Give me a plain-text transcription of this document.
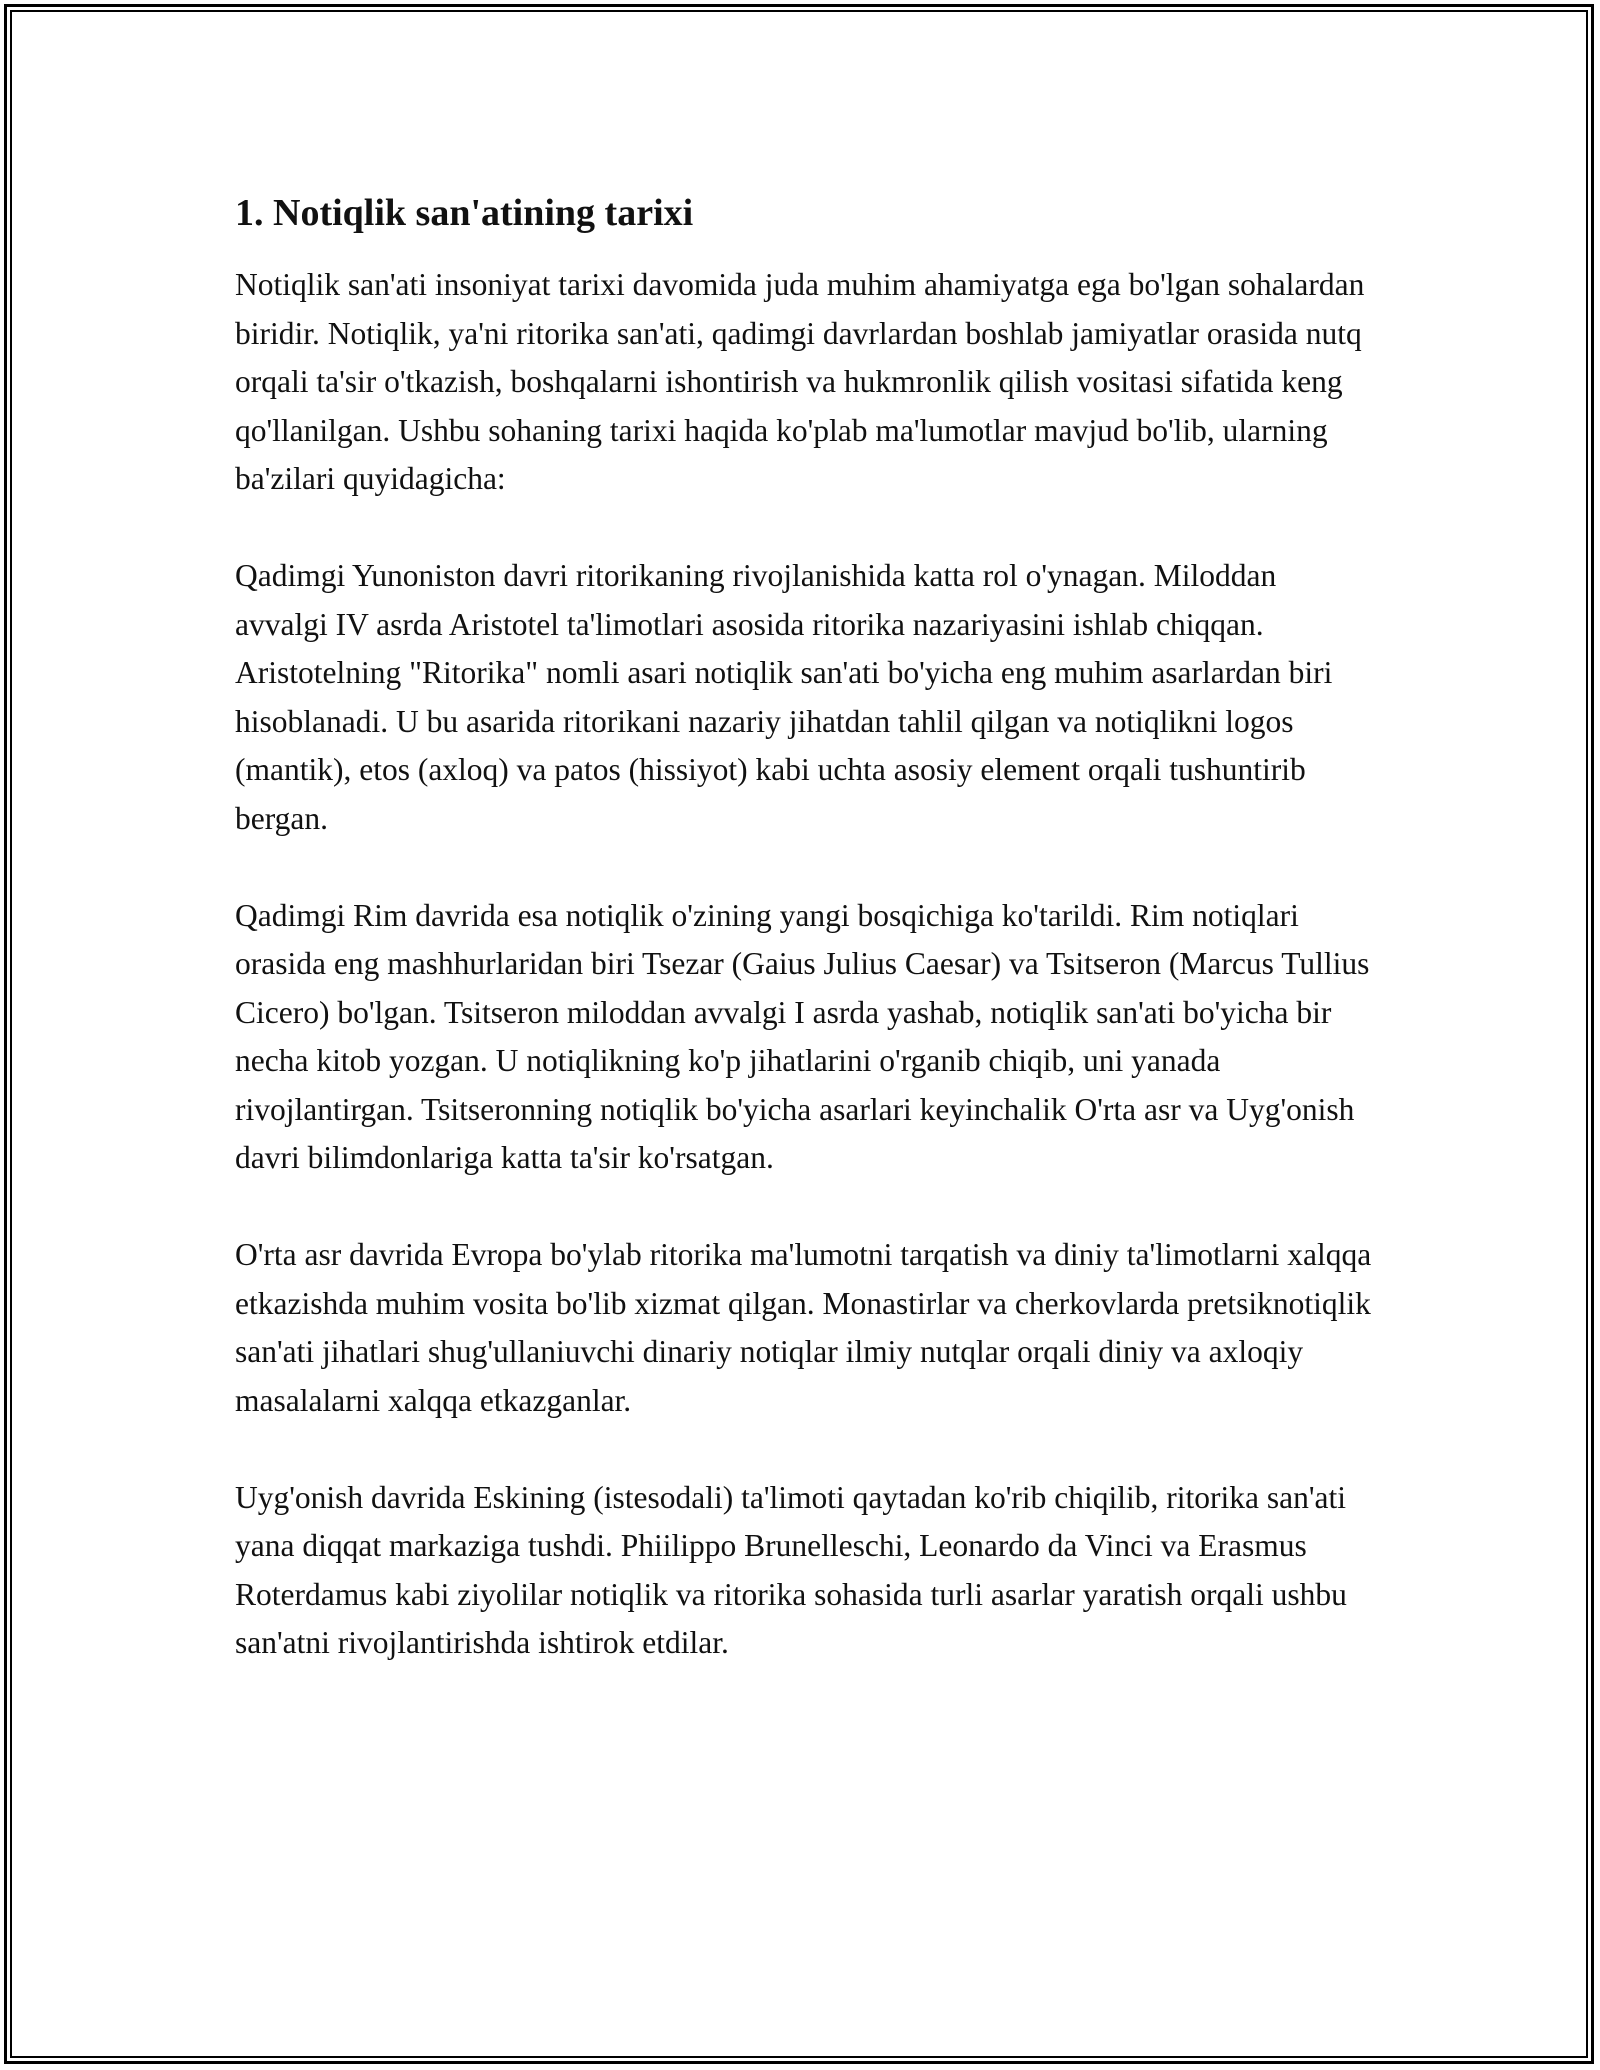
1. Notiqlik san'atining tarixi

Notiqlik san'ati insoniyat tarixi davomida juda muhim ahamiyatga ega bo'lgan sohalardan biridir. Notiqlik, ya'ni ritorika san'ati, qadimgi davrlardan boshlab jamiyatlar orasida nutq orqali ta'sir o'tkazish, boshqalarni ishontirish va hukmronlik qilish vositasi sifatida keng qo'llanilgan. Ushbu sohaning tarixi haqida ko'plab ma'lumotlar mavjud bo'lib, ularning ba'zilari quyidagicha:

Qadimgi Yunoniston davri ritorikaning rivojlanishida katta rol o'ynagan. Miloddan avvalgi IV asrda Aristotel ta'limotlari asosida ritorika nazariyasini ishlab chiqqan. Aristotelning "Ritorika" nomli asari notiqlik san'ati bo'yicha eng muhim asarlardan biri hisoblanadi. U bu asarida ritorikani nazariy jihatdan tahlil qilgan va notiqlikni logos (mantik), etos (axloq) va patos (hissiyot) kabi uchta asosiy element orqali tushuntirib bergan.

Qadimgi Rim davrida esa notiqlik o'zining yangi bosqichiga ko'tarildi. Rim notiqlari orasida eng mashhurlaridan biri Tsezar (Gaius Julius Caesar) va Tsitseron (Marcus Tullius Cicero) bo'lgan. Tsitseron miloddan avvalgi I asrda yashab, notiqlik san'ati bo'yicha bir necha kitob yozgan. U notiqlikning ko'p jihatlarini o'rganib chiqib, uni yanada rivojlantirgan. Tsitseronning notiqlik bo'yicha asarlari keyinchalik O'rta asr va Uyg'onish davri bilimdonlariga katta ta'sir ko'rsatgan.

O'rta asr davrida Evropa bo'ylab ritorika ma'lumotni tarqatish va diniy ta'limotlarni xalqqa etkazishda muhim vosita bo'lib xizmat qilgan. Monastirlar va cherkovlarda pretsiknotiqlik san'ati jihatlari shug'ullaniuvchi dinariy notiqlar ilmiy nutqlar orqali diniy va axloqiy masalalarni xalqqa etkazganlar.

Uyg'onish davrida Eskining (istesodali) ta'limoti qaytadan ko'rib chiqilib, ritorika san'ati yana diqqat markaziga tushdi. Phiilippo Brunelleschi, Leonardo da Vinci va Erasmus Roterdamus kabi ziyolilar notiqlik va ritorika sohasida turli asarlar yaratish orqali ushbu san'atni rivojlantirishda ishtirok etdilar.
